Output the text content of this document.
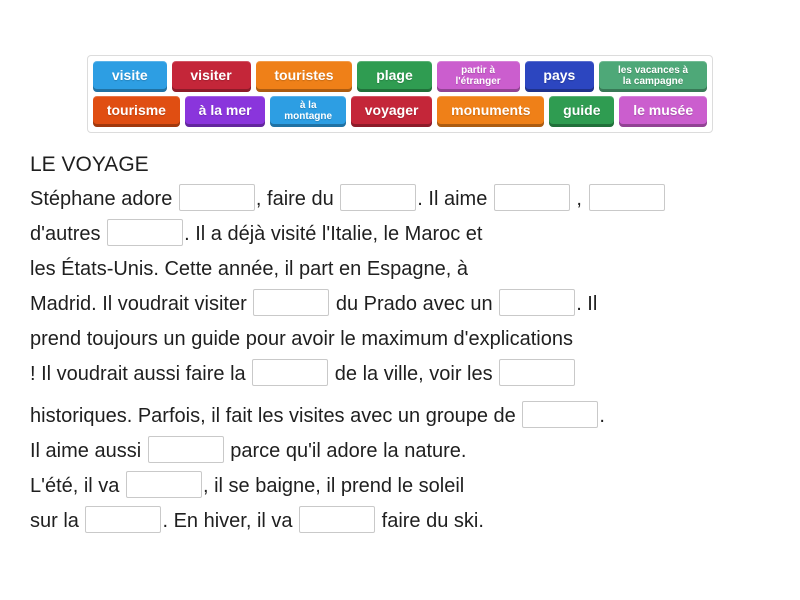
visite	visiter	touristes	plage	partir à
l'étranger	pays	les vacances à
la campagne
tourisme à la mer	à la
montagne voyager monuments guide le musée
LE VOYAGE
Stéphane adore	, faire du	. Il aime	,
d'autres	. Il a déjà visité l'Italie, le Maroc et
les États-Unis. Cette année, il part en Espagne, à
Madrid. Il voudrait visiter	du Prado avec un	. Il
prend toujours un guide pour avoir le maximum d'explications
! Il voudrait aussi faire la	de la ville, voir les
historiques. Parfois, il fait les visites avec un groupe de	.
Il aime aussi	parce qu'il adore la nature.
L'été, il va	, il se baigne, il prend le soleil
sur la	. En hiver, il va	faire du ski.
